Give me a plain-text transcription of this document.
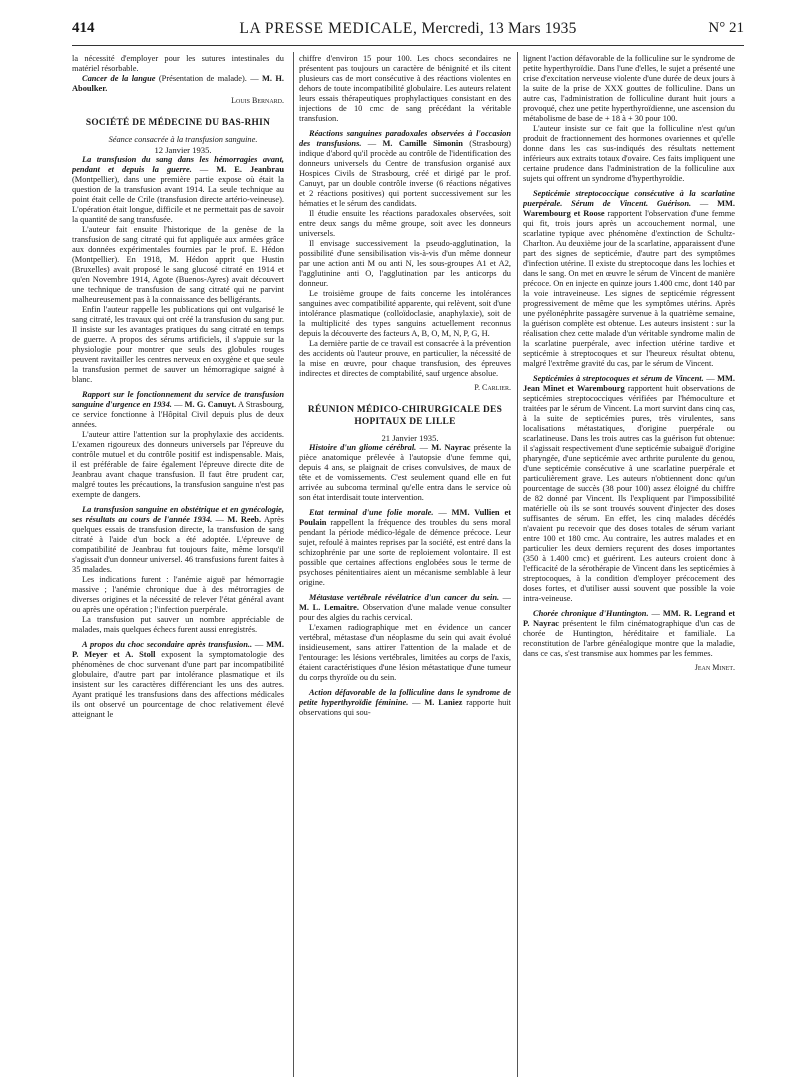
414	LA PRESSE MEDICALE, Mercredi, 13 Mars 1935	N° 21

la nécessité d'employer pour les sutures intestinales du matériel résorbable.

Cancer de la langue (Présentation de malade). — M. H. Aboulker.

Louis Bernard.
SOCIÉTÉ DE MÉDECINE DU BAS-RHIN

Séance consacrée à la transfusion sanguine.

12 Janvier 1935.

La transfusion du sang dans les hémorragies avant, pendant et depuis la guerre. — M. E. Jeanbrau (Montpellier), dans une première partie expose où était la question de la transfusion avant 1914. La seule technique au point était celle de Crile (transfusion directe artério-veineuse). L'opération était longue, difficile et ne permettait pas de savoir la quantité de sang transfusée.

L'auteur fait ensuite l'historique de la genèse de la transfusion de sang citraté qui fut appliquée aux armées grâce aux données expérimentales fournies par le prof. E. Hédon (Montpellier). En 1918, M. Hédon apprit que Hustin (Bruxelles) avait proposé le sang glucosé citraté en 1914 et qu'en Novembre 1914, Agote (Buenos-Ayres) avait découvert une technique de transfusion de sang citraté qui ne parvint malheureusement pas à la connaissance des belligérants.

Enfin l'auteur rappelle les publications qui ont vulgarisé le sang citraté, les travaux qui ont créé la transfusion du sang pur. Il insiste sur les avantages pratiques du sang citraté en temps de guerre. A propos des sérums artificiels, il s'appuie sur la physiologie pour montrer que seuls des globules rouges peuvent ravitailler les centres nerveux en oxygène et que seule la transfusion permet de sauver un hémorragique saigné à blanc.

Rapport sur le fonctionnement du service de transfusion sanguine d'urgence en 1934. — M. G. Canuyt. A Strasbourg, ce service fonctionne à l'Hôpital Civil depuis plus de deux années.

L'auteur attire l'attention sur la prophylaxie des accidents. L'examen rigoureux des donneurs universels par l'épreuve du contrôle mutuel et du contrôle positif est indispensable. Mais, il est préférable de faire également l'épreuve directe dite de Jeanbrau avant chaque transfusion. Il faut être prudent car, malgré toutes les précautions, la transfusion sanguine n'est pas exempte de dangers.

La transfusion sanguine en obstétrique et en gynécologie, ses résultats au cours de l'année 1934. — M. Reeb. Après quelques essais de transfusion directe, la transfusion de sang citraté à l'aide d'un bock a été adoptée. L'épreuve de compatibilité de Jeanbrau fut toujours faite, même lorsqu'il s'agissait d'un donneur universel. 46 transfusions furent faites à 35 malades.

Les indications furent : l'anémie aiguë par hémorragie massive ; l'anémie chronique due à des métrorragies de diverses origines et la nécessité de relever l'état général avant ou après une opération ; l'infection puerpérale.

La transfusion put sauver un nombre appréciable de malades, mais quelques échecs furent aussi enregistrés.

A propos du choc secondaire après transfusion.. — MM. P. Meyer et A. Stoll exposent la symptomatologie des phénomènes de choc survenant d'une part par incompatibilité globulaire, d'autre part par intolérance plasmatique et ils insistent sur les caractères différenciant les uns des autres. Ayant pratiqué les transfusions dans des affections médicales ils ont observé un pourcentage de choc relativement élevé atteignant le

chiffre d'environ 15 pour 100. Les chocs secondaires ne présentent pas toujours un caractère de bénignité et ils citent plusieurs cas de mort consécutive à des réactions violentes en dehors de toute incompatibilité globulaire. Les auteurs relatent leurs essais thérapeutiques prophylactiques consistant en des injections de 10 cmc de sang précédant la véritable transfusion.

Réactions sanguines paradoxales observées à l'occasion des transfusions. — M. Camille Simonin (Strasbourg) indique d'abord qu'il procède au contrôle de l'identification des donneurs universels du Centre de transfusion organisé aux Hospices Civils de Strasbourg, créé et dirigé par le prof. Canuyt, par un double contrôle inverse (6 réactions négatives et 2 réactions positives) qui portent successivement sur les hématies et le sérum des candidats.

Il étudie ensuite les réactions paradoxales observées, soit entre deux sangs du même groupe, soit avec les donneurs universels.

Il envisage successivement la pseudo-agglutination, la possibilité d'une sensibilisation vis-à-vis d'un même donneur par une action anti M ou anti N, les sous-groupes A1 et A2, l'agglutinine anti O, l'agglutination par les anticorps du donneur.

Le troisième groupe de faits concerne les intolérances sanguines avec compatibilité apparente, qui relèvent, soit d'une intolérance plasmatique (colloïdoclasie, anaphylaxie), soit de la multiplicité des types sanguins actuellement reconnus depuis la découverte des facteurs A, B, O, M, N, P, G, H.

La dernière partie de ce travail est consacrée à la prévention des accidents où l'auteur prouve, en particulier, la nécessité de la mise en œuvre, pour chaque transfusion, des épreuves indirectes et directes de comptabilité, sauf urgence absolue.

P. Carlier.
RÉUNION MÉDICO-CHIRURGICALE DES HOPITAUX DE LILLE

21 Janvier 1935.

Histoire d'un gliome cérébral. — M. Nayrac présente la pièce anatomique prélevée à l'autopsie d'une femme qui, depuis 4 ans, se plaignait de crises convulsives, de maux de tête et de vomissements. C'est seulement quand elle en fut arrivée au subcoma terminal qu'elle entra dans le service où son état interdisait toute intervention.

Etat terminal d'une folie morale. — MM. Vullien et Poulain rappellent la fréquence des troubles du sens moral pendant la période médico-légale de démence précoce. Leur sujet, refoulé à maintes reprises par la société, est entré dans la schizophrénie par une sorte de reploiement volontaire. Il est possible que certaines affections englobées sous le terme de psychoses pénitentiaires aient un mécanisme semblable à leur origine.

Métastase vertébrale révélatrice d'un cancer du sein. — M. L. Lemaitre. Observation d'une malade venue consulter pour des algies du rachis cervical.

L'examen radiographique met en évidence un cancer vertébral, métastase d'un néoplasme du sein qui avait évolué insidieusement, sans attirer l'attention de la malade et de l'entourage: les lésions vertébrales, limitées au corps de l'axis, étaient caractéristiques d'une lésion métastatique d'une tumeur du corps thyroïde ou du sein.

Action défavorable de la folliculine dans le syndrome de petite hyperthyroïdie féminine. — M. Laniez rapporte huit observations qui sou-

lignent l'action défavorable de la folliculine sur le syndrome de petite hyperthyroïdie. Dans l'une d'elles, le sujet a présenté une crise d'excitation nerveuse violente d'une durée de deux jours à la suite de la prise de XXX gouttes de folliculine. Dans un autre cas, l'administration de folliculine durant huit jours a provoqué, chez une petite hyperthyroïdienne, une ascension du métabolisme de base de + 18 à + 30 pour 100.

L'auteur insiste sur ce fait que la folliculine n'est qu'un produit de fractionnement des hormones ovariennes et qu'elle donne dans les cas sus-indiqués des résultats nettement inférieurs aux extraits totaux d'ovaire. Ces faits impliquent une certaine prudence dans l'administration de la folliculine aux sujets qui offrent un syndrome d'hyperthyroïdie.

Septicémie streptococcique consécutive à la scarlatine puerpérale. Sérum de Vincent. Guérison. — MM. Warembourg et Roose rapportent l'observation d'une femme qui fit, trois jours après un accouchement normal, une scarlatine typique avec phénomène d'extinction de Schultz-Charlton. Au deuxième jour de la scarlatine, apparaissent d'une part des signes de septicémie, d'autre part des symptômes d'infection utérine. Il existe du streptocoque dans les lochies et dans le sang. On met en œuvre le sérum de Vincent de manière précoce. On en injecte en quinze jours 1.400 cmc, dont 140 par la voie intraveineuse. Les signes de septicémie régressent progressivement de même que les symptômes utérins. Après une pyélonéphrite passagère survenue à la quatrième semaine, la guérison complète est obtenue. Les auteurs insistent : sur la réalisation chez cette malade d'un véritable syndrome malin de la scarlatine puerpérale, avec infection utérine tardive et septicémie à streptocoques et sur l'heureux résultat obtenu, malgré l'extrême gravité du cas, par le sérum de Vincent.

Septicémies à streptocoques et sérum de Vincent. — MM. Jean Minet et Warembourg rapportent huit observations de septicémies streptococciques vérifiées par l'hémoculture et traitées par le sérum de Vincent. La mort survint dans cinq cas, à la suite de septicémies pures, très virulentes, sans localisations métastatiques, d'origine puerpérale ou scarlatineuse. Dans les trois autres cas la guérison fut obtenue: il s'agissait respectivement d'une septicémie subaiguë d'origine pharyngée, d'une septicémie avec arthrite purulente du genou, d'une septicémie consécutive à une scarlatine puerpérale et particulièrement grave. Les auteurs n'obtiennent donc qu'un pourcentage de succès (38 pour 100) assez éloigné du chiffre de 82 donné par Vincent. Ils l'expliquent par l'impossibilité matérielle où ils se sont trouvés souvent d'injecter des doses suffisantes de sérum. En effet, les cinq malades décédés n'avaient pu recevoir que des doses totales de sérum variant entre 100 et 180 cmc. Au contraire, les autres malades et en particulier les deux derniers reçurent des doses importantes (350 à 1.400 cmc) et guérirent. Les auteurs croient donc à l'efficacité de la sérothérapie de Vincent dans les septicémies à streptocoques, à la condition d'employer précocement des doses fortes, et d'utiliser aussi souvent que possible la voie intra-veineuse.

Chorée chronique d'Huntington. — MM. R. Legrand et P. Nayrac présentent le film cinématographique d'un cas de chorée de Huntington, héréditaire et familiale. La reconstitution de l'arbre généalogique montre que la maladie, dans ce cas, s'est transmise aux hommes par les femmes.

Jean Minet.
